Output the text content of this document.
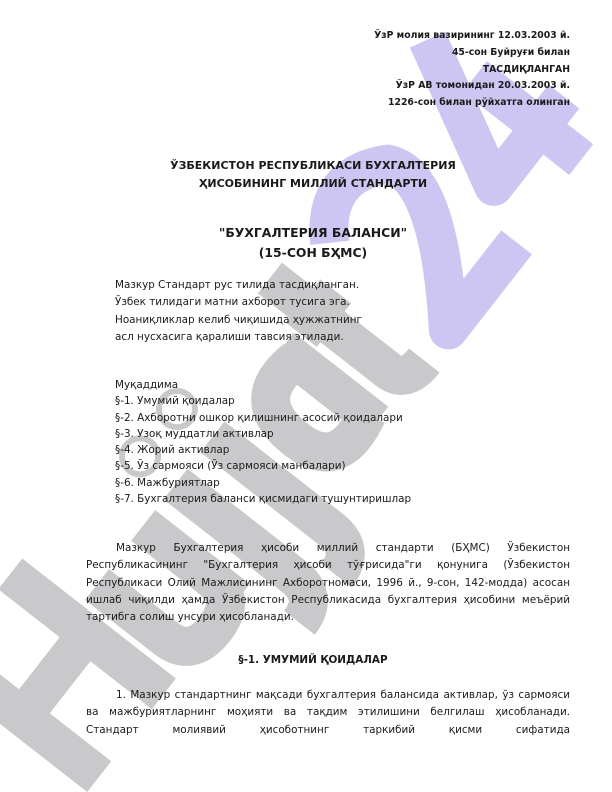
ЎзР молия вазирининг 12.03.2003 й.
45-сон Буйруғи билан
ТАСДИҚЛАНГАН
ЎзР АВ томонидан 20.03.2003 й.
1226-сон билан рўйхатга олинган
ЎЗБЕКИСТОН РЕСПУБЛИКАСИ БУХГАЛТЕРИЯ
ҲИСОБИНИНГ МИЛЛИЙ СТАНДАРТИ
"БУХГАЛТЕРИЯ БАЛАНСИ"
(15-СОН БҲМС)
Мазкур Стандарт рус тилида тасдиқланган.
Ўзбек тилидаги матни ахборот тусига эга.
Ноаниқликлар келиб чиқишида ҳужжатнинг
асл нусхасига қаралиши тавсия этилади.
Муқаддима
§-1. Умумий қоидалар
§-2. Ахборотни ошкор қилишнинг асосий қоидалари
§-3. Узоқ муддатли активлар
§-4. Жорий активлар
§-5. Ўз сармояси (Ўз сармояси манбалари)
§-6. Мажбуриятлар
§-7. Бухгалтерия баланси қисмидаги тушунтиришлар
Мазкур Бухгалтерия ҳисоби миллий стандарти (БҲМС) Ўзбекистон Республикасининг "Бухгалтерия ҳисоби тўғрисида"ги қонунига (Ўзбекистон Республикаси Олий Мажлисининг Ахборотномаси, 1996 й., 9-сон, 142-модда) асосан ишлаб чиқилди ҳамда Ўзбекистон Республикасида бухгалтерия ҳисобини меъёрий тартибга солиш унсури ҳисобланади.
§-1. УМУМИЙ ҚОИДАЛАР
1. Мазкур стандартнинг мақсади бухгалтерия балансида активлар, ўз сармояси ва мажбуриятларнинг моҳияти ва тақдим этилишини белгилаш ҳисобланади. Стандарт молиявий ҳисоботнинг таркибий қисми сифатида
